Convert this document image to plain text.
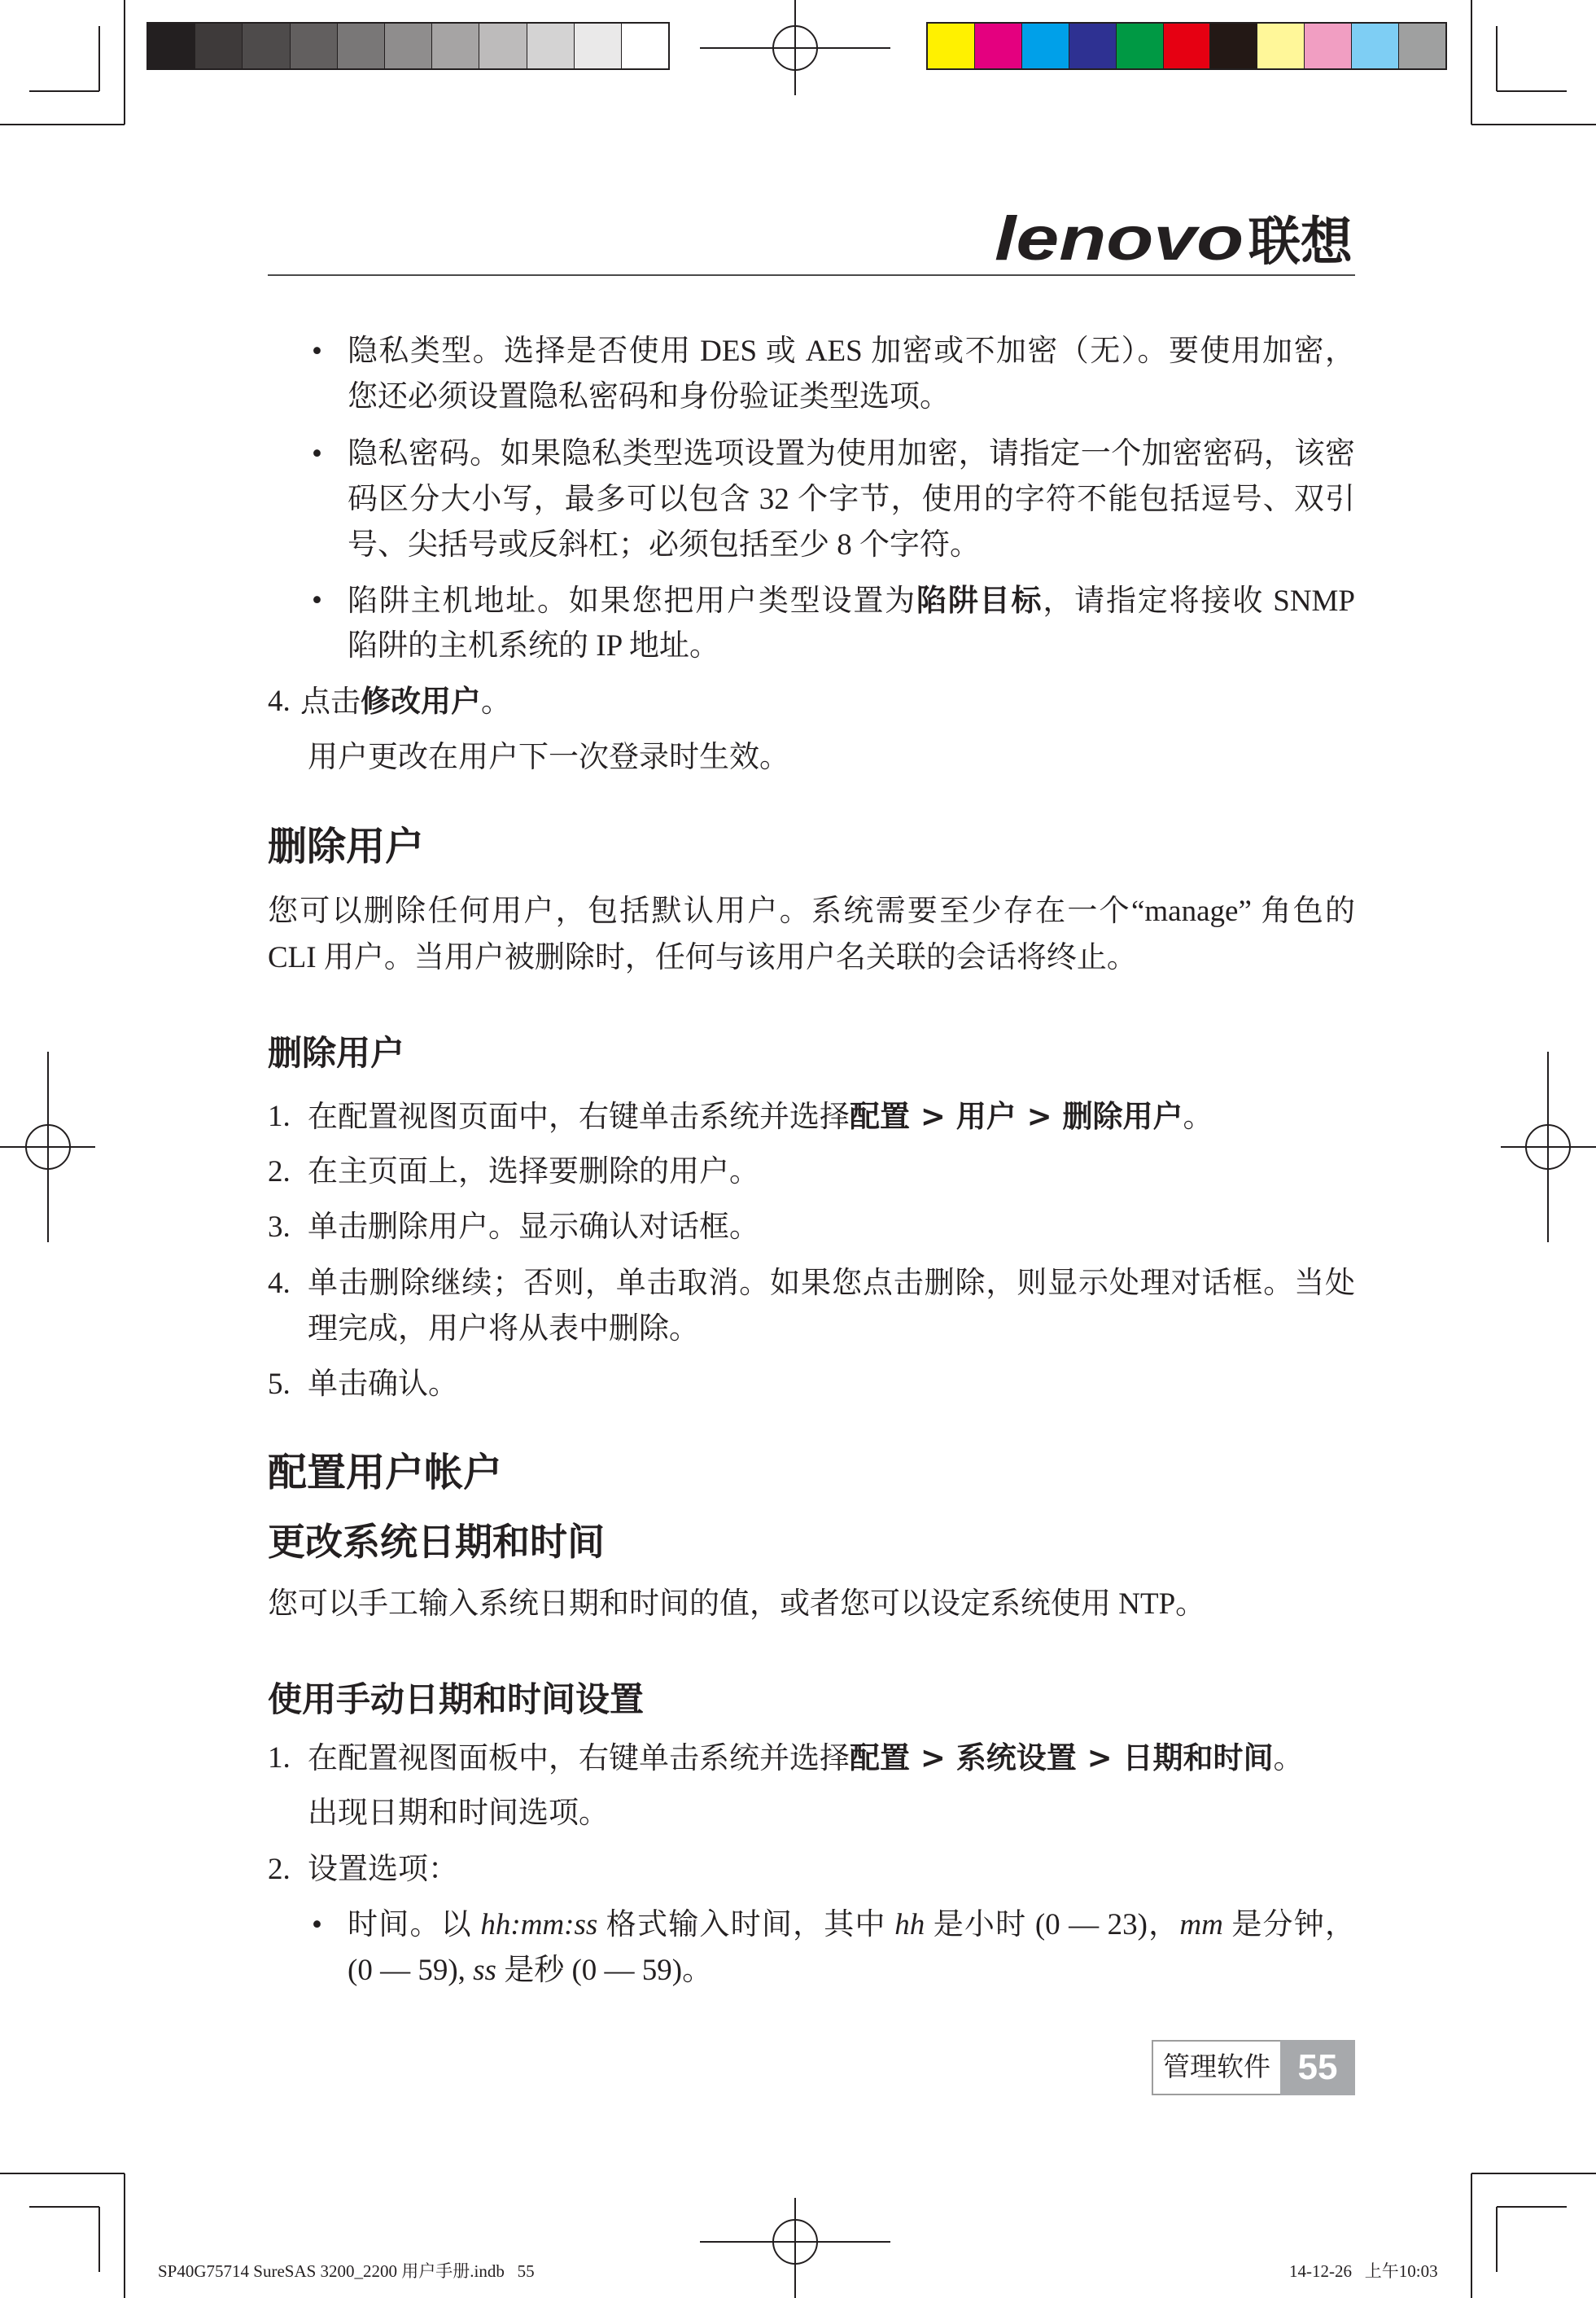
lenovo 联想
• 隐私类型。选择是否使用 DES 或 AES 加密或不加密（无）。要使用加密，
您还必须设置隐私密码和身份验证类型选项。
• 隐私密码。如果隐私类型选项设置为使用加密，请指定一个加密密码，该密
码区分大小写，最多可以包含 32 个字节，使用的字符不能包括逗号、双引
号、尖括号或反斜杠；必须包括至少 8 个字符。
• 陷阱主机地址。如果您把用户类型设置为陷阱目标，请指定将接收 SNMP
陷阱的主机系统的 IP 地址。
4. 点击修改用户。
用户更改在用户下一次登录时生效。
删除用户
您可以删除任何用户，包括默认用户。系统需要至少存在一个“manage” 角色的
CLI 用户。当用户被删除时，任何与该用户名关联的会话将终止。
删除用户
1. 在配置视图页面中，右键单击系统并选择配置 > 用户 > 删除用户。
2. 在主页面上，选择要删除的用户。
3. 单击删除用户。显示确认对话框。
4. 单击删除继续；否则，单击取消。如果您点击删除，则显示处理对话框。当处
理完成，用户将从表中删除。
5. 单击确认。
配置用户帐户
更改系统日期和时间
您可以手工输入系统日期和时间的值，或者您可以设定系统使用 NTP。
使用手动日期和时间设置
1. 在配置视图面板中，右键单击系统并选择配置 > 系统设置 > 日期和时间。
出现日期和时间选项。
2. 设置选项：
• 时间。以 hh:mm:ss 格式输入时间，其中 hh 是小时 (0 — 23)，mm 是分钟，
(0 — 59), ss 是秒 (0 — 59)。
管理软件 55
SP40G75714 SureSAS 3200_2200 用户手册.indb   55	14-12-26   上午10:03
